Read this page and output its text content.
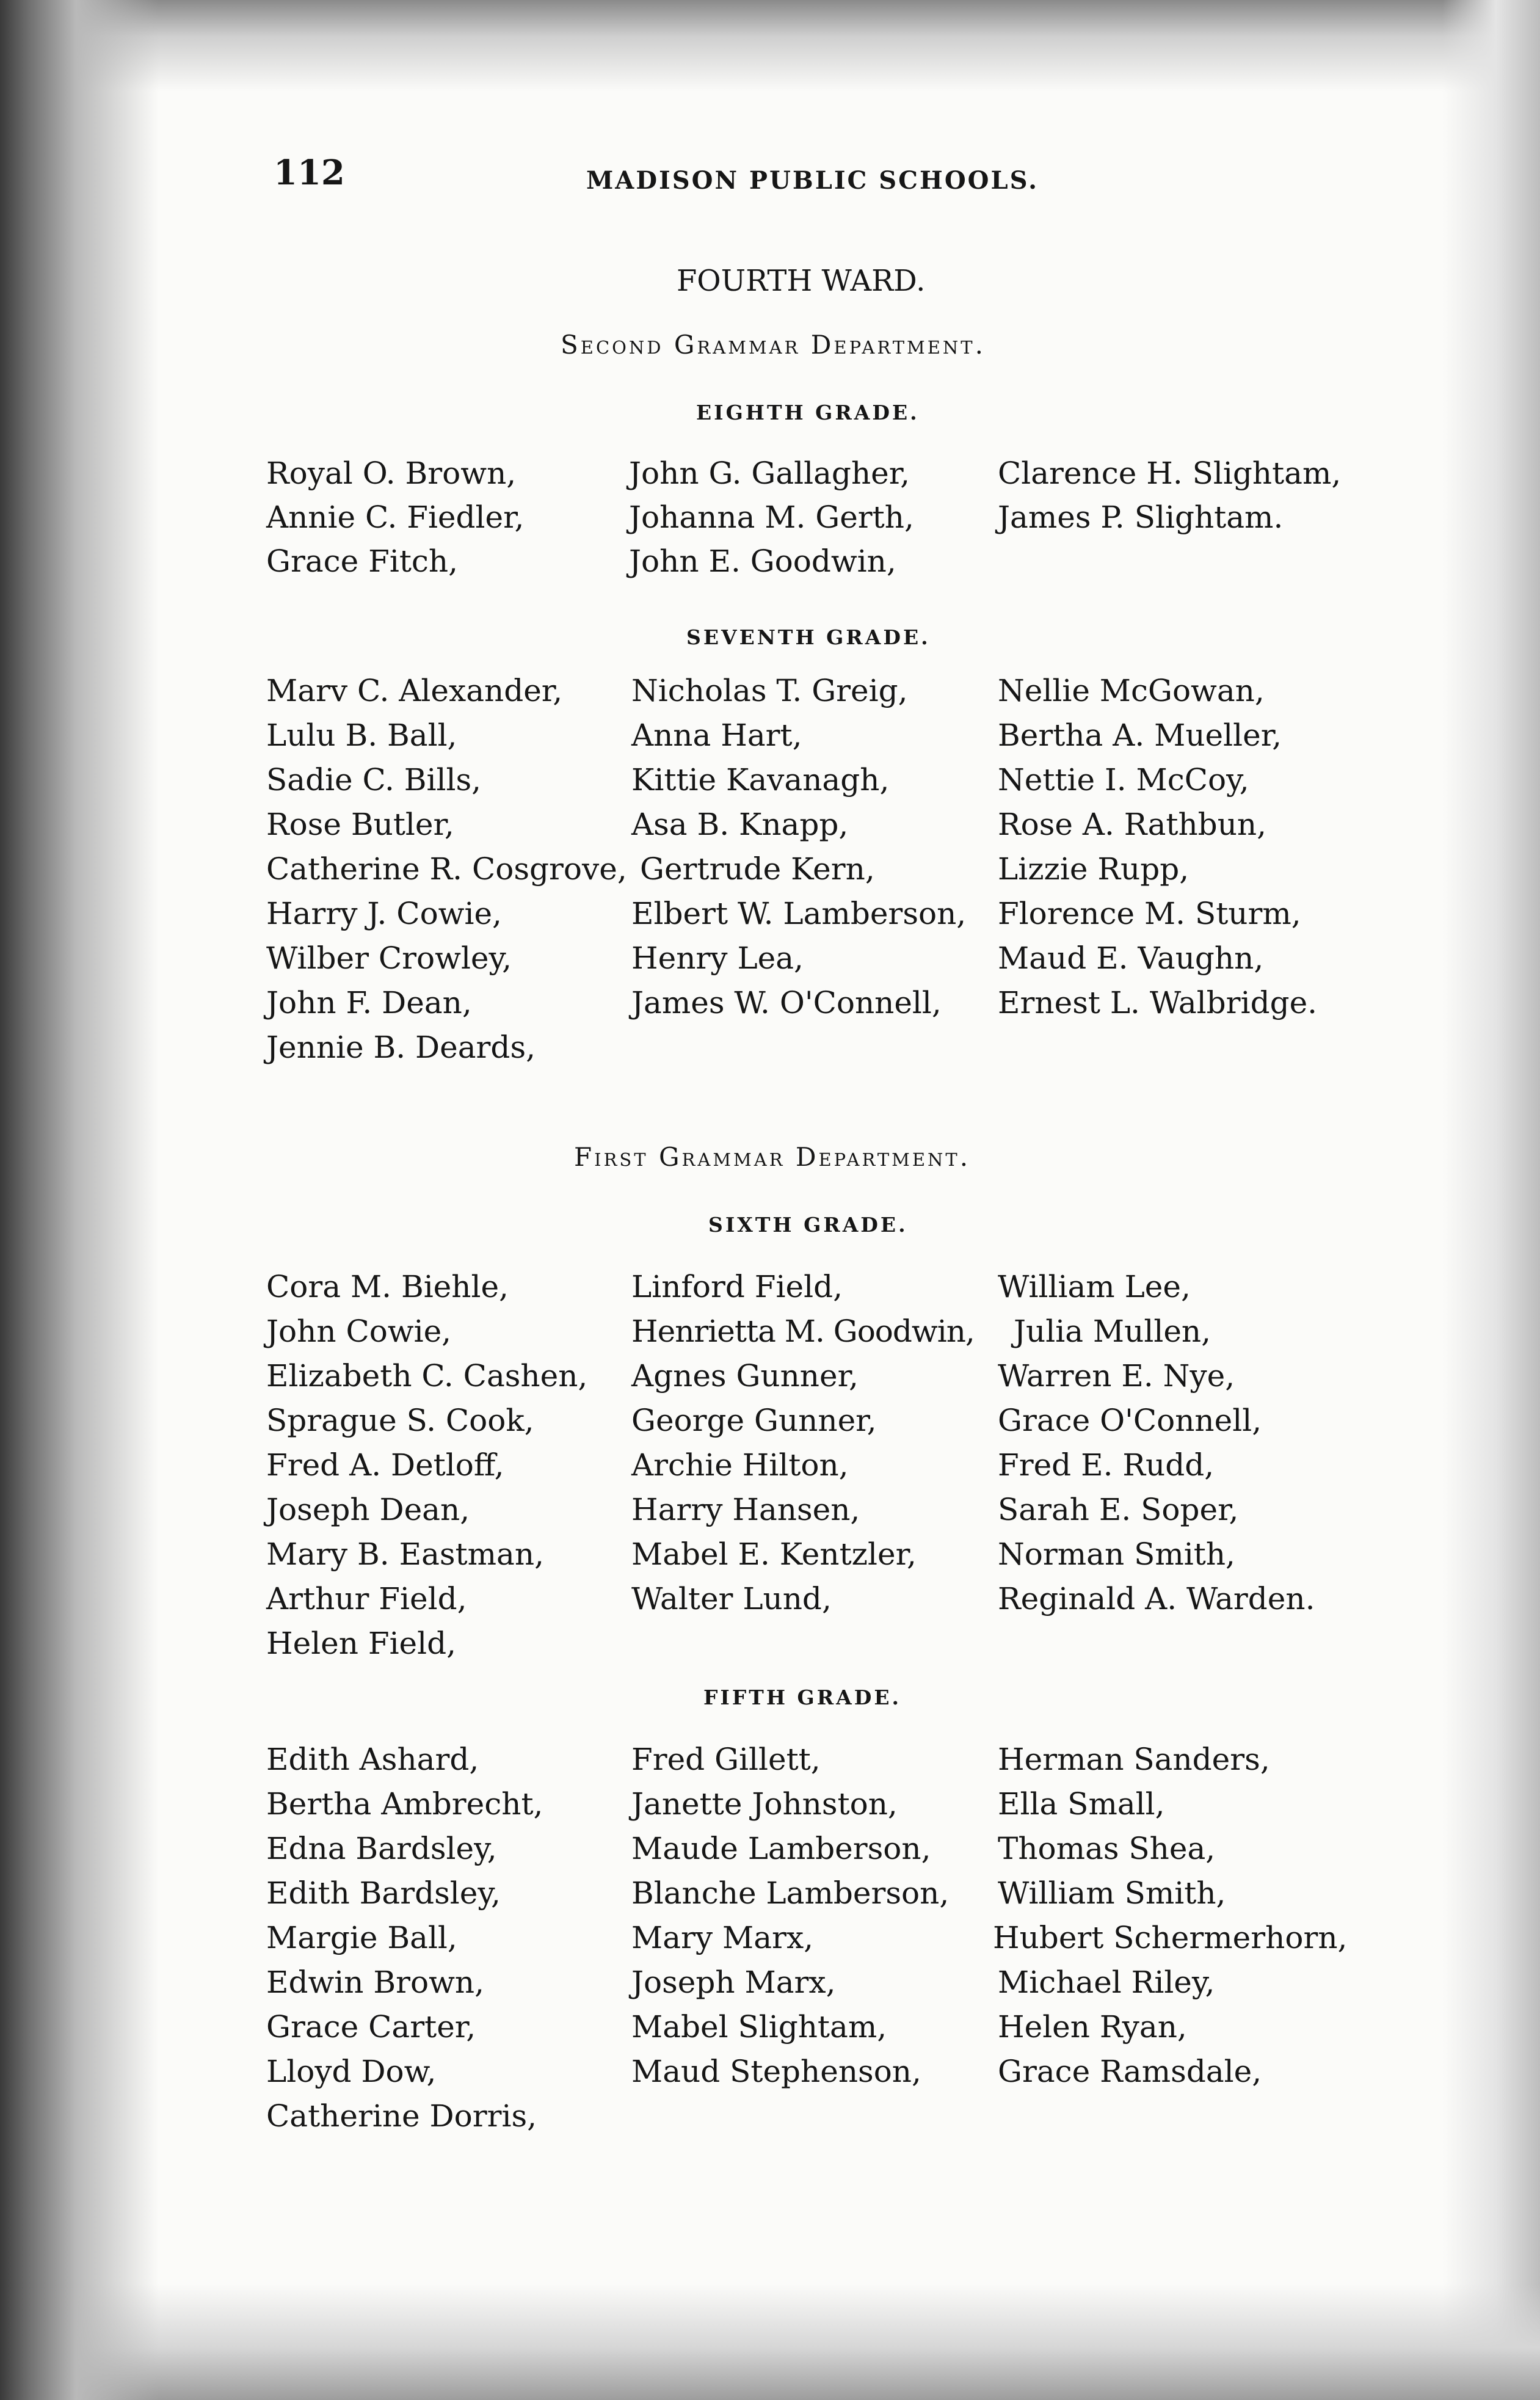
112	MADISON PUBLIC SCHOOLS.
FOURTH WARD.
Second Grammar Department.
EIGHTH GRADE.
Royal O. Brown,
Annie C. Fiedler,
Grace Fitch,
John G. Gallagher,
Johanna M. Gerth,
John E. Goodwin,
Clarence H. Slightam,
James P. Slightam.
SEVENTH GRADE.
Marv C. Alexander,
Lulu B. Ball,
Sadie C. Bills,
Rose Butler,
Catherine R. Cosgrove,
Harry J. Cowie,
Wilber Crowley,
John F. Dean,
Jennie B. Deards,
Nicholas T. Greig,
Anna Hart,
Kittie Kavanagh,
Asa B. Knapp,
Gertrude Kern,
Elbert W. Lamberson,
Henry Lea,
James W. O'Connell,
Nellie McGowan,
Bertha A. Mueller,
Nettie I. McCoy,
Rose A. Rathbun,
Lizzie Rupp,
Florence M. Sturm,
Maud E. Vaughn,
Ernest L. Walbridge.
First Grammar Department.
SIXTH GRADE.
Cora M. Biehle,
John Cowie,
Elizabeth C. Cashen,
Sprague S. Cook,
Fred A. Detloff,
Joseph Dean,
Mary B. Eastman,
Arthur Field,
Helen Field,
Linford Field,
Henrietta M. Goodwin,
Agnes Gunner,
George Gunner,
Archie Hilton,
Harry Hansen,
Mabel E. Kentzler,
Walter Lund,
William Lee,
Julia Mullen,
Warren E. Nye,
Grace O'Connell,
Fred E. Rudd,
Sarah E. Soper,
Norman Smith,
Reginald A. Warden.
FIFTH GRADE.
Edith Ashard,
Bertha Ambrecht,
Edna Bardsley,
Edith Bardsley,
Margie Ball,
Edwin Brown,
Grace Carter,
Lloyd Dow,
Catherine Dorris,
Fred Gillett,
Janette Johnston,
Maude Lamberson,
Blanche Lamberson,
Mary Marx,
Joseph Marx,
Mabel Slightam,
Maud Stephenson,
Herman Sanders,
Ella Small,
Thomas Shea,
William Smith,
Hubert Schermerhorn,
Michael Riley,
Helen Ryan,
Grace Ramsdale,
